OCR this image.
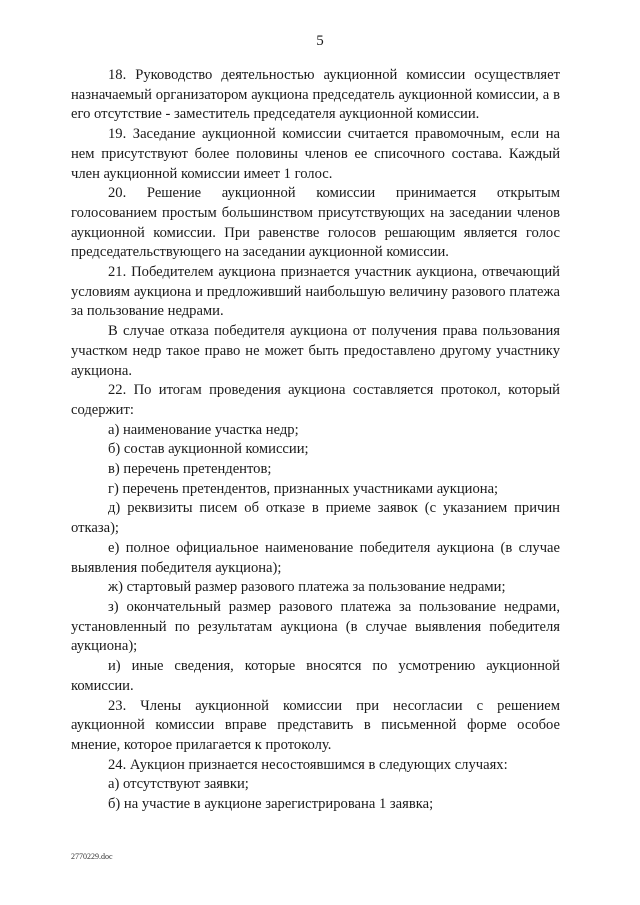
5

18. Руководство деятельностью аукционной комиссии осуществляет назначаемый организатором аукциона председатель аукционной комиссии, а в его отсутствие - заместитель председателя аукционной комиссии.

19. Заседание аукционной комиссии считается правомочным, если на нем присутствуют более половины членов ее списочного состава. Каждый член аукционной комиссии имеет 1 голос.

20. Решение аукционной комиссии принимается открытым голосованием простым большинством присутствующих на заседании членов аукционной комиссии. При равенстве голосов решающим является голос председательствующего на заседании аукционной комиссии.

21. Победителем аукциона признается участник аукциона, отвечающий условиям аукциона и предложивший наибольшую величину разового платежа за пользование недрами.

В случае отказа победителя аукциона от получения права пользования участком недр такое право не может быть предоставлено другому участнику аукциона.

22. По итогам проведения аукциона составляется протокол, который содержит:

а) наименование участка недр;

б) состав аукционной комиссии;

в) перечень претендентов;

г) перечень претендентов, признанных участниками аукциона;

д) реквизиты писем об отказе в приеме заявок (с указанием причин отказа);

е) полное официальное наименование победителя аукциона (в случае выявления победителя аукциона);

ж) стартовый размер разового платежа за пользование недрами;

з) окончательный размер разового платежа за пользование недрами, установленный по результатам аукциона (в случае выявления победителя аукциона);

и) иные сведения, которые вносятся по усмотрению аукционной комиссии.

23. Члены аукционной комиссии при несогласии с решением аукционной комиссии вправе представить в письменной форме особое мнение, которое прилагается к протоколу.

24. Аукцион признается несостоявшимся в следующих случаях:

а) отсутствуют заявки;

б) на участие в аукционе зарегистрирована 1 заявка;

2770229.doc
